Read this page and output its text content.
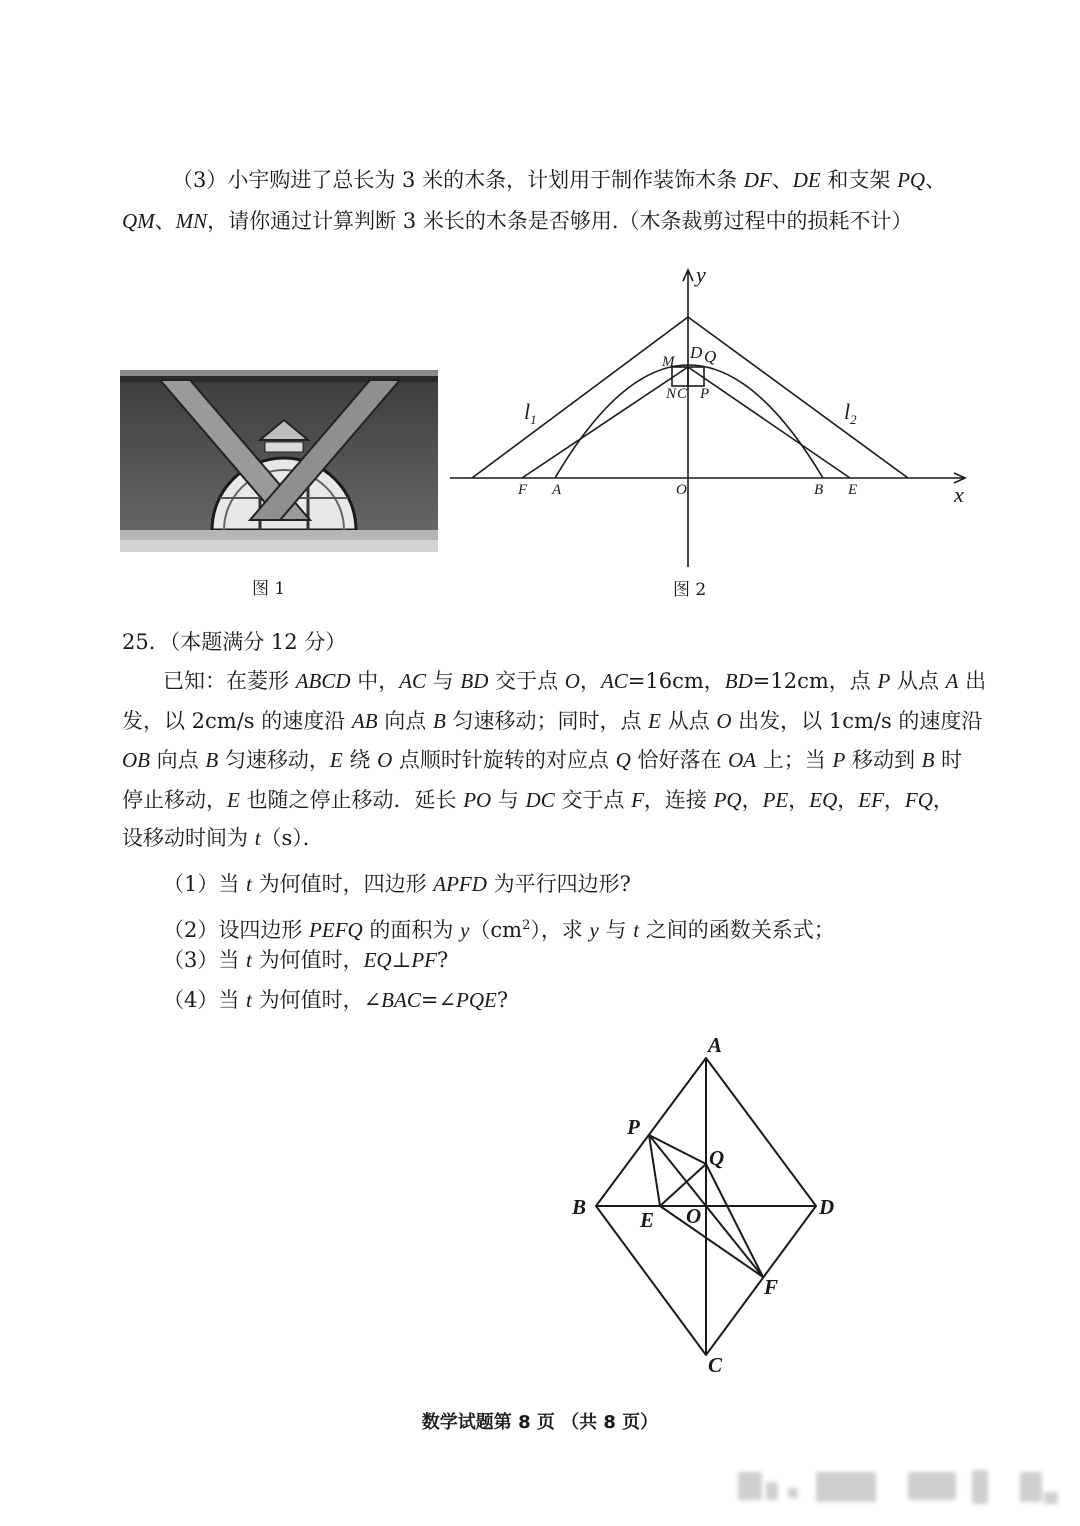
（3）小宇购进了总长为 3 米的木条，计划用于制作装饰木条 DF、DE 和支架 PQ、
QM、MN，请你通过计算判断 3 米长的木条是否够用.（木条裁剪过程中的损耗不计）
图 1
y
x
D Q
M
N C P
$l_1$	$l_2$
F A	O	B E
图 2
25．（本题满分 12 分）
已知：在菱形 ABCD 中，AC 与 BD 交于点 O，AC=16cm，BD=12cm，点 P 从点 A 出
发，以 2cm/s 的速度沿 AB 向点 B 匀速移动；同时，点 E 从点 O 出发，以 1cm/s 的速度沿
OB 向点 B 匀速移动，E 绕 O 点顺时针旋转的对应点 Q 恰好落在 OA 上；当 P 移动到 B 时
停止移动，E 也随之停止移动．延长 PO 与 DC 交于点 F，连接 PQ，PE，EQ，EF，FQ，
设移动时间为 t（s）．
（1）当 t 为何值时，四边形 APFD 为平行四边形?
（2）设四边形 PEFQ 的面积为 $y(cm^2)$，求 y 与 t 之间的函数关系式；
（3）当 t 为何值时，EQ⊥PF?
（4）当 t 为何值时，∠BAC=∠PQE?
A
B
C
D
P
Q
E O
F
数学试题第 8 页 （共 8 页）
